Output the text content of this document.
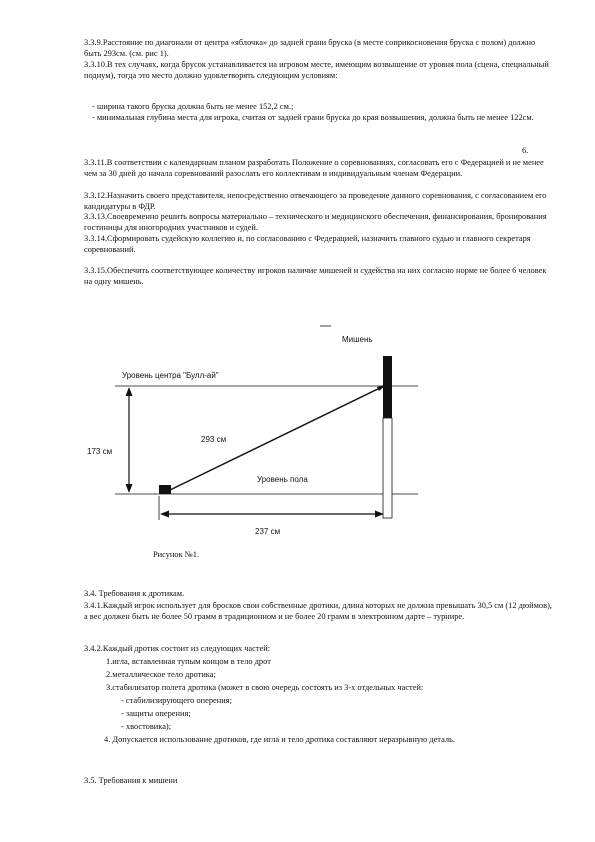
3.3.9.Расстояние по диагонали от центра «яблочка» до задней грани бруска (в месте соприкосновения бруска с полом) должно быть 293см. (см. рис 1).

3.3.10.В тех случаях, когда брусок устанавливается на игровом месте, имеющим возвышение от уровня пола (сцена, специальный подиум), тогда это место должно удовлетворять следующим условиям:

- ширина такого бруска должна быть не менее 152,2 см.;

- минимальная глубина места для игрока, считая от задней грани бруска до края возвышения, должна быть не менее 122см.

6.

3.3.11.В соответствии с календарным планом разработать Положение о соревнованиях, согласовать его с Федерацией и не менее чем за 30 дней до начала соревнований разослать его коллективам и индивидуальным членам Федерации.

3.3.12.Назначить своего представителя, непосредственно отвечающего за проведение данного соревнования, с согласованием его кандидатуры в ФДР.

3.3.13.Своевременно решить вопросы материально – технического и медицинского обеспечения, финансирования, бронирования гостиницы для иногородних участников и судей.

3.3.14.Сформировать судейскую коллегию и, по согласованию с Федерацией, назначить главного судью и главного секретаря соревнований.

3.3.15.Обеспечить соответствующее количеству игроков наличие мишеней и судейства на них согласно норме не более 6 человек на одну мишень.

Мишень
Уровень центра "Булл-ай"
Уровень пола
293 см
173 см
237 см
Рисунок №1.

3.4. Требования к дротикам.

3.4.1.Каждый игрок использует для бросков свои собственные дротики, длина которых не должна превышать 30,5 см (12 дюймов), а вес должен быть не более 50 грамм в традиционном и не более 20 грамм в электронном дарте – турнире.

3.4.2.Каждый дротик состоит из следующих частей:

1.игла, вставленная тупым концом в тело дрот

2.металлическое тело дротика;

3.стабилизатор полета дротика (может в свою очередь состоять из 3-х отдельных частей:

- стабилизирующего оперения;

- защиты оперения;

- хвостовика);

4. Допускается использование дротиков, где игла и тело дротика составляют неразрывную деталь.

3.5. Требования к мишени
